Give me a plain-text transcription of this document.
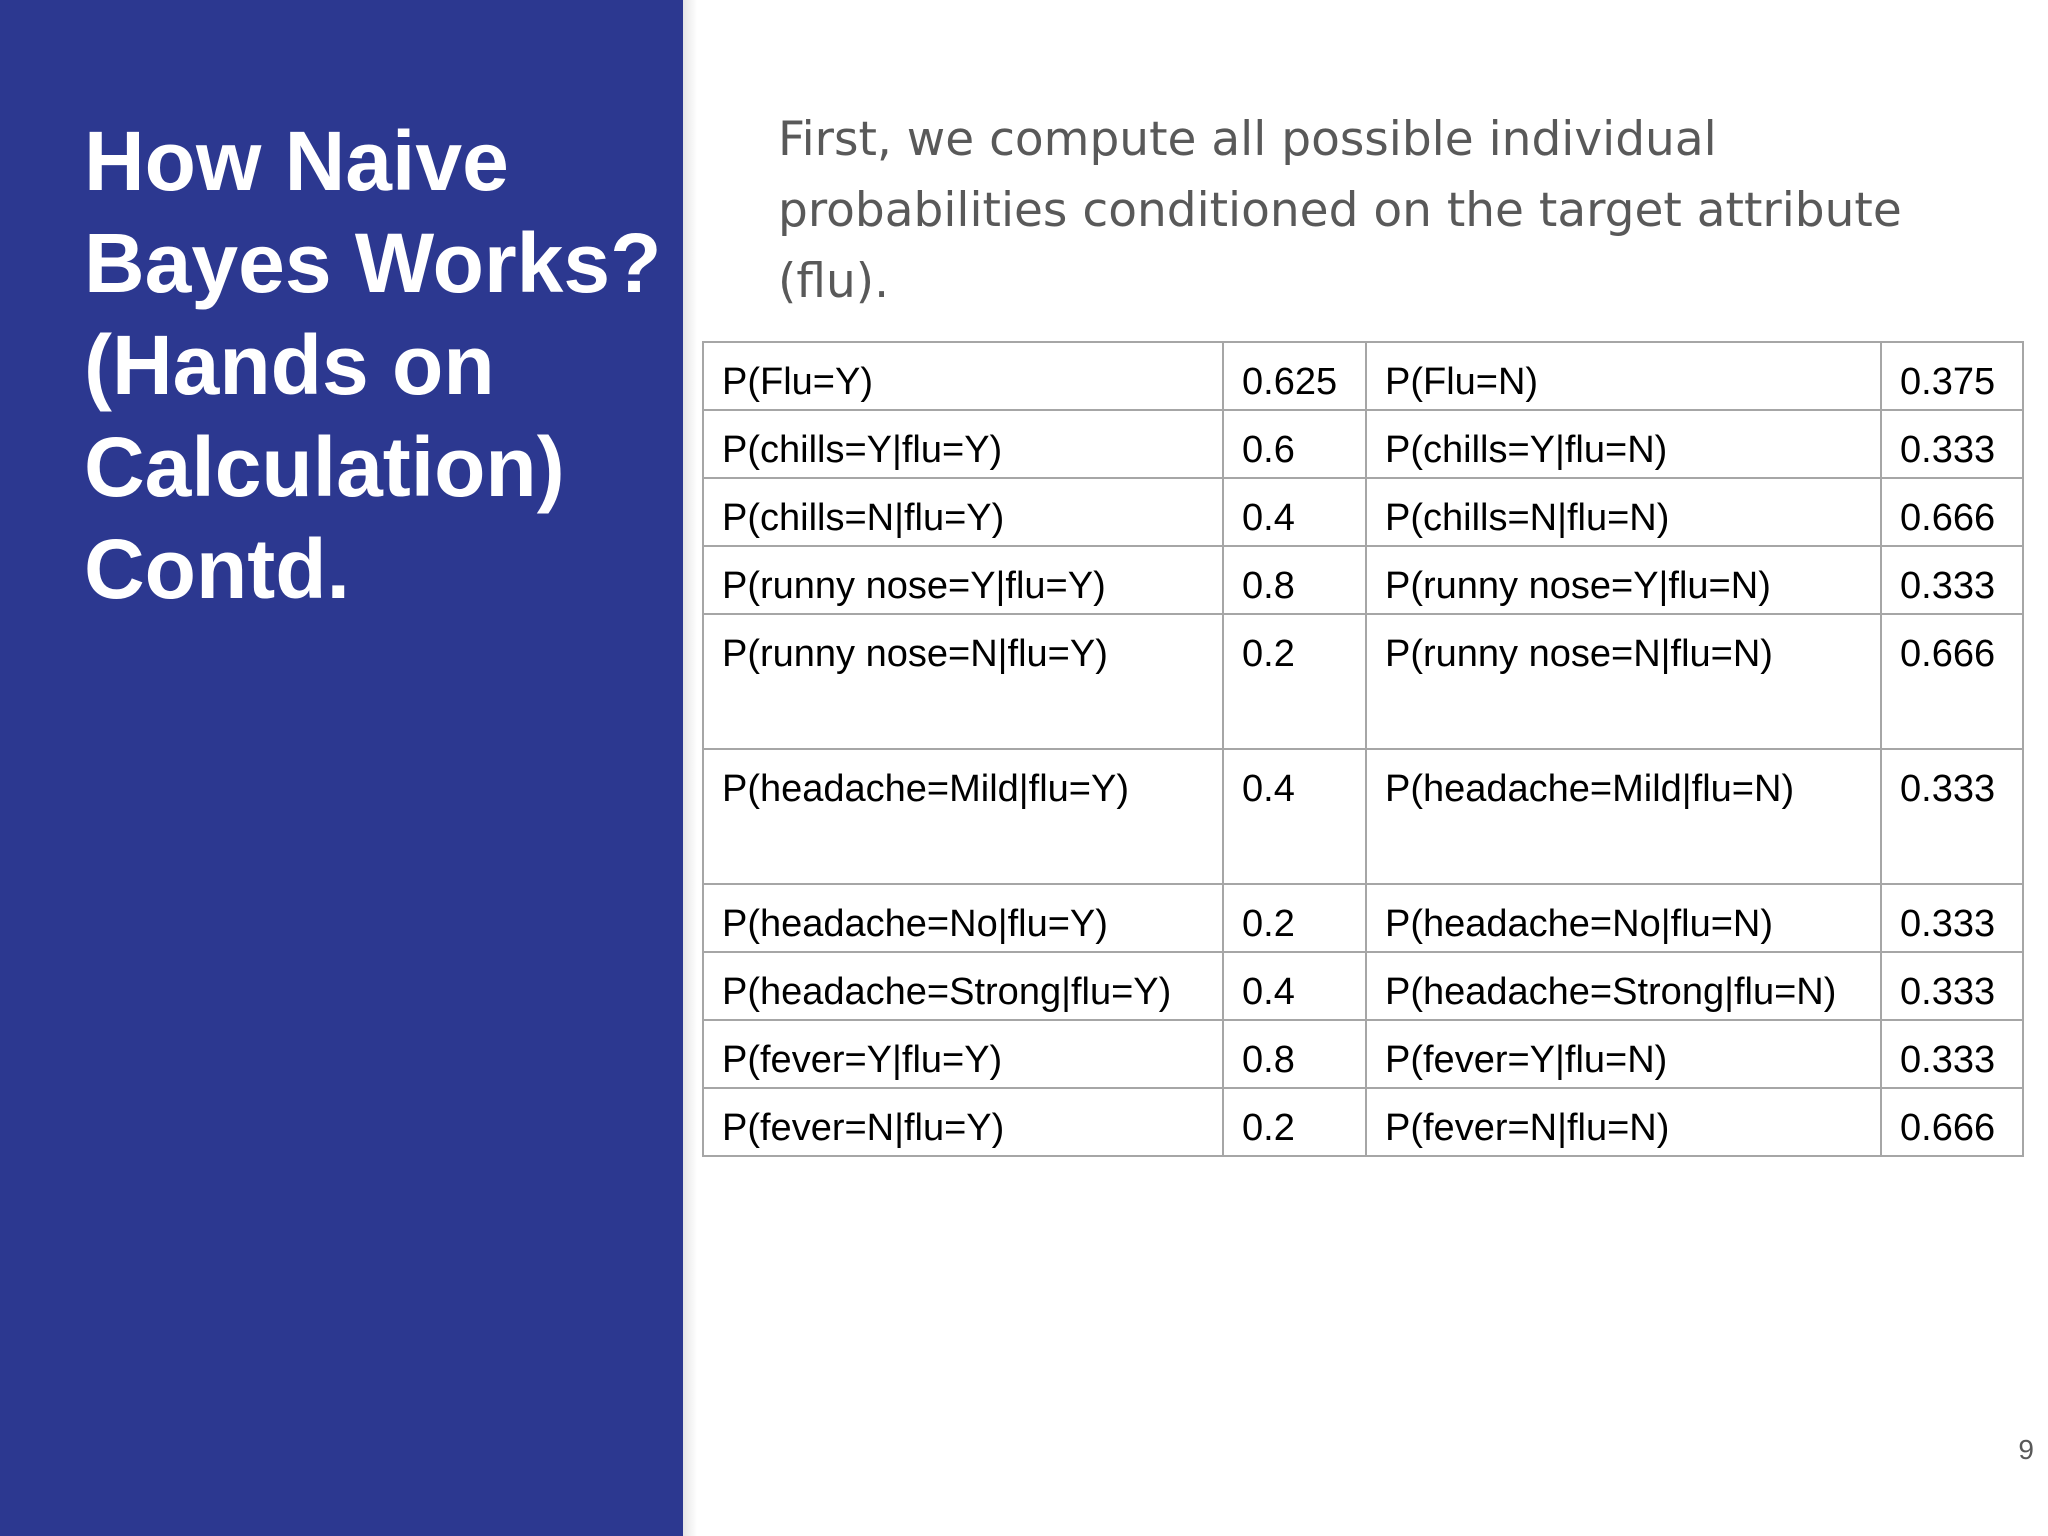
How Naive Bayes Works? (Hands on Calculation) Contd.

First, we compute all possible individual probabilities conditioned on the target attribute (flu).

P(Flu=Y)	0.625	P(Flu=N)	0.375
P(chills=Y|flu=Y)	0.6	P(chills=Y|flu=N)	0.333
P(chills=N|flu=Y)	0.4	P(chills=N|flu=N)	0.666
P(runny nose=Y|flu=Y)	0.8	P(runny nose=Y|flu=N)	0.333
P(runny nose=N|flu=Y)	0.2	P(runny nose=N|flu=N)	0.666
P(headache=Mild|flu=Y)	0.4	P(headache=Mild|flu=N)	0.333
P(headache=No|flu=Y)	0.2	P(headache=No|flu=N)	0.333
P(headache=Strong|flu=Y)	0.4	P(headache=Strong|flu=N)	0.333
P(fever=Y|flu=Y)	0.8	P(fever=Y|flu=N)	0.333
P(fever=N|flu=Y)	0.2	P(fever=N|flu=N)	0.666
9
